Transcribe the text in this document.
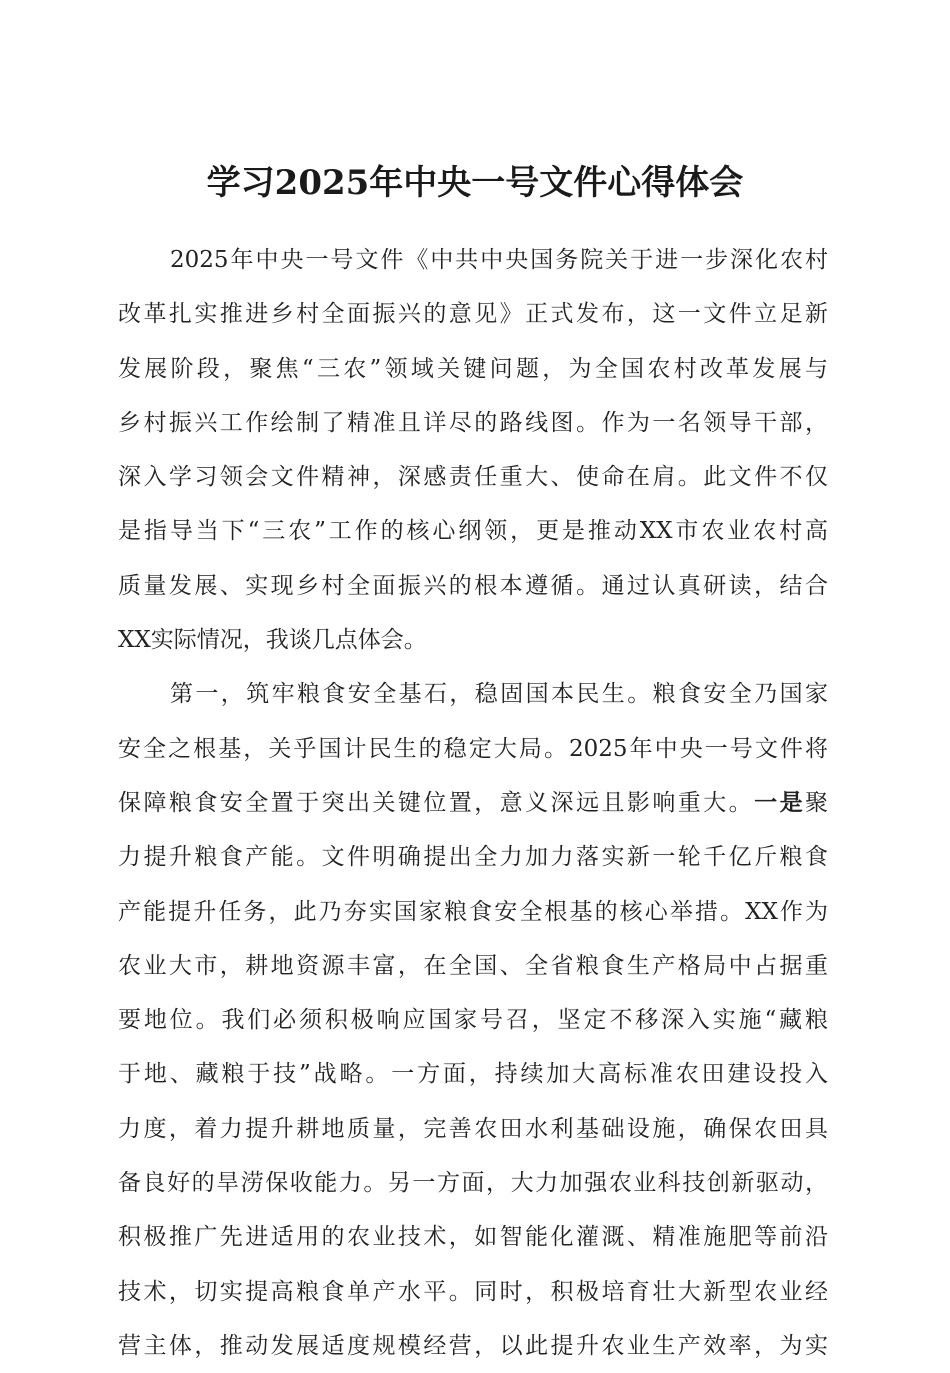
学习2025年中央一号文件心得体会
2025年中央一号文件《中共中央国务院关于进一步深化农村
改革扎实推进乡村全面振兴的意见》正式发布，这一文件立足新
发展阶段，聚焦“三农”领域关键问题，为全国农村改革发展与
乡村振兴工作绘制了精准且详尽的路线图。作为一名领导干部，
深入学习领会文件精神，深感责任重大、使命在肩。此文件不仅
是指导当下“三农”工作的核心纲领，更是推动XX市农业农村高
质量发展、实现乡村全面振兴的根本遵循。通过认真研读，结合
XX实际情况，我谈几点体会。
第一，筑牢粮食安全基石，稳固国本民生。粮食安全乃国家
安全之根基，关乎国计民生的稳定大局。2025年中央一号文件将
保障粮食安全置于突出关键位置，意义深远且影响重大。一是聚
力提升粮食产能。文件明确提出全力加力落实新一轮千亿斤粮食
产能提升任务，此乃夯实国家粮食安全根基的核心举措。XX作为
农业大市，耕地资源丰富，在全国、全省粮食生产格局中占据重
要地位。我们必须积极响应国家号召，坚定不移深入实施“藏粮
于地、藏粮于技”战略。一方面，持续加大高标准农田建设投入
力度，着力提升耕地质量，完善农田水利基础设施，确保农田具
备良好的旱涝保收能力。另一方面，大力加强农业科技创新驱动，
积极推广先进适用的农业技术，如智能化灌溉、精准施肥等前沿
技术，切实提高粮食单产水平。同时，积极培育壮大新型农业经
营主体，推动发展适度规模经营，以此提升农业生产效率，为实
